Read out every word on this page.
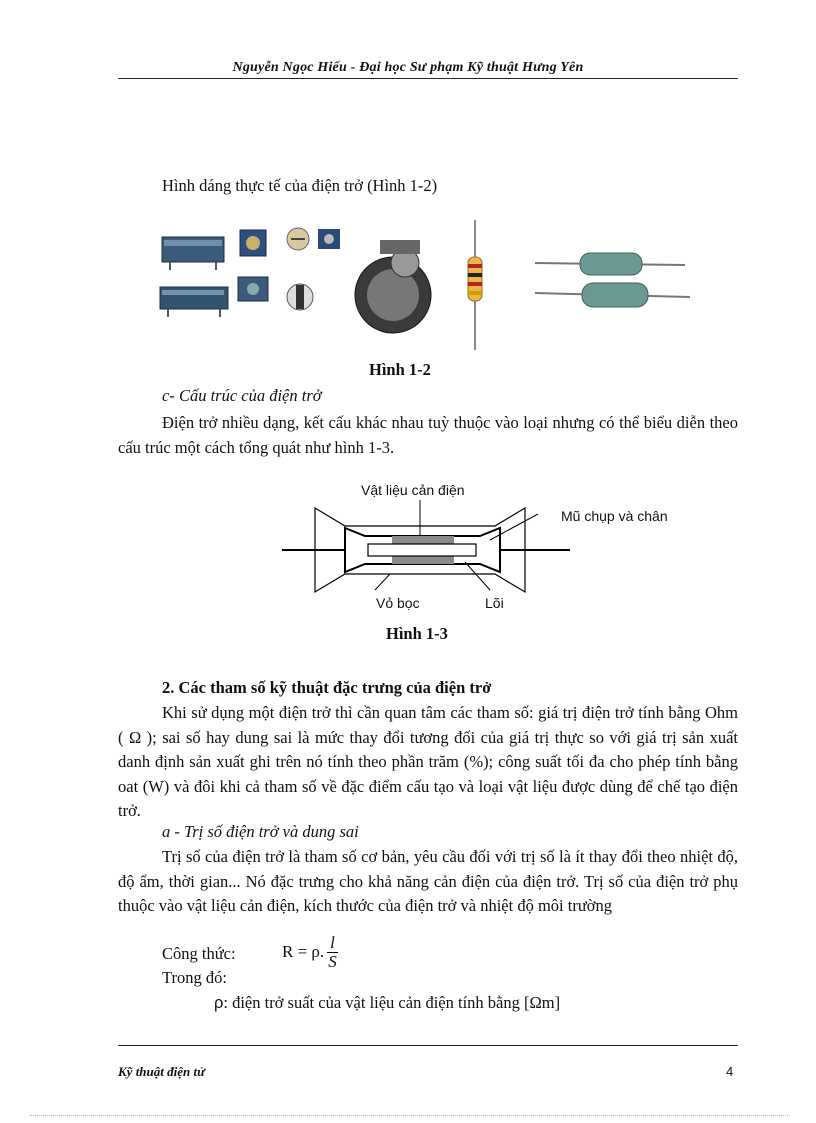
Nguyễn Ngọc Hiếu - Đại học Sư phạm Kỹ thuật Hưng Yên
Hình dáng thực tế của điện trở (Hình 1-2)
Hình 1-2
c- Cấu trúc của điện trở
Điện trở nhiều dạng, kết cấu khác nhau tuỳ thuộc vào loại nhưng có thể biểu diễn theo cấu trúc một cách tổng quát như hình 1-3.
Vật liệu cản điện
Mũ chụp và chân
Vỏ bọc	Lõi
Hình 1-3
2. Các tham số kỹ thuật đặc trưng của điện trở
Khi sử dụng một điện trở thì cần quan tâm các tham số: giá trị điện trở tính bằng Ohm ( Ω ); sai số hay dung sai là mức thay đổi tương đối của giá trị thực so với giá trị sản xuất danh định sản xuất ghi trên nó tính theo phần trăm (%); công suất tối đa cho phép tính bằng oat (W) và đôi khi cả tham số về đặc điểm cấu tạo và loại vật liệu được dùng để chế tạo điện trở.
a - Trị số điện trở và dung sai
Trị số của điện trở là tham số cơ bản, yêu cầu đối với trị số là ít thay đổi theo nhiệt độ, độ ẩm, thời gian... Nó đặc trưng cho khả năng cản điện của điện trở. Trị số của điện trở phụ thuộc vào vật liệu cản điện, kích thước của điện trở và nhiệt độ môi trường
Công thức:	R = ρ. $\frac{l}{S}$
Trong đó:
ρ: điện trở suất của vật liệu cản điện tính bằng [Ωm]
Kỹ thuật điện tử	4
